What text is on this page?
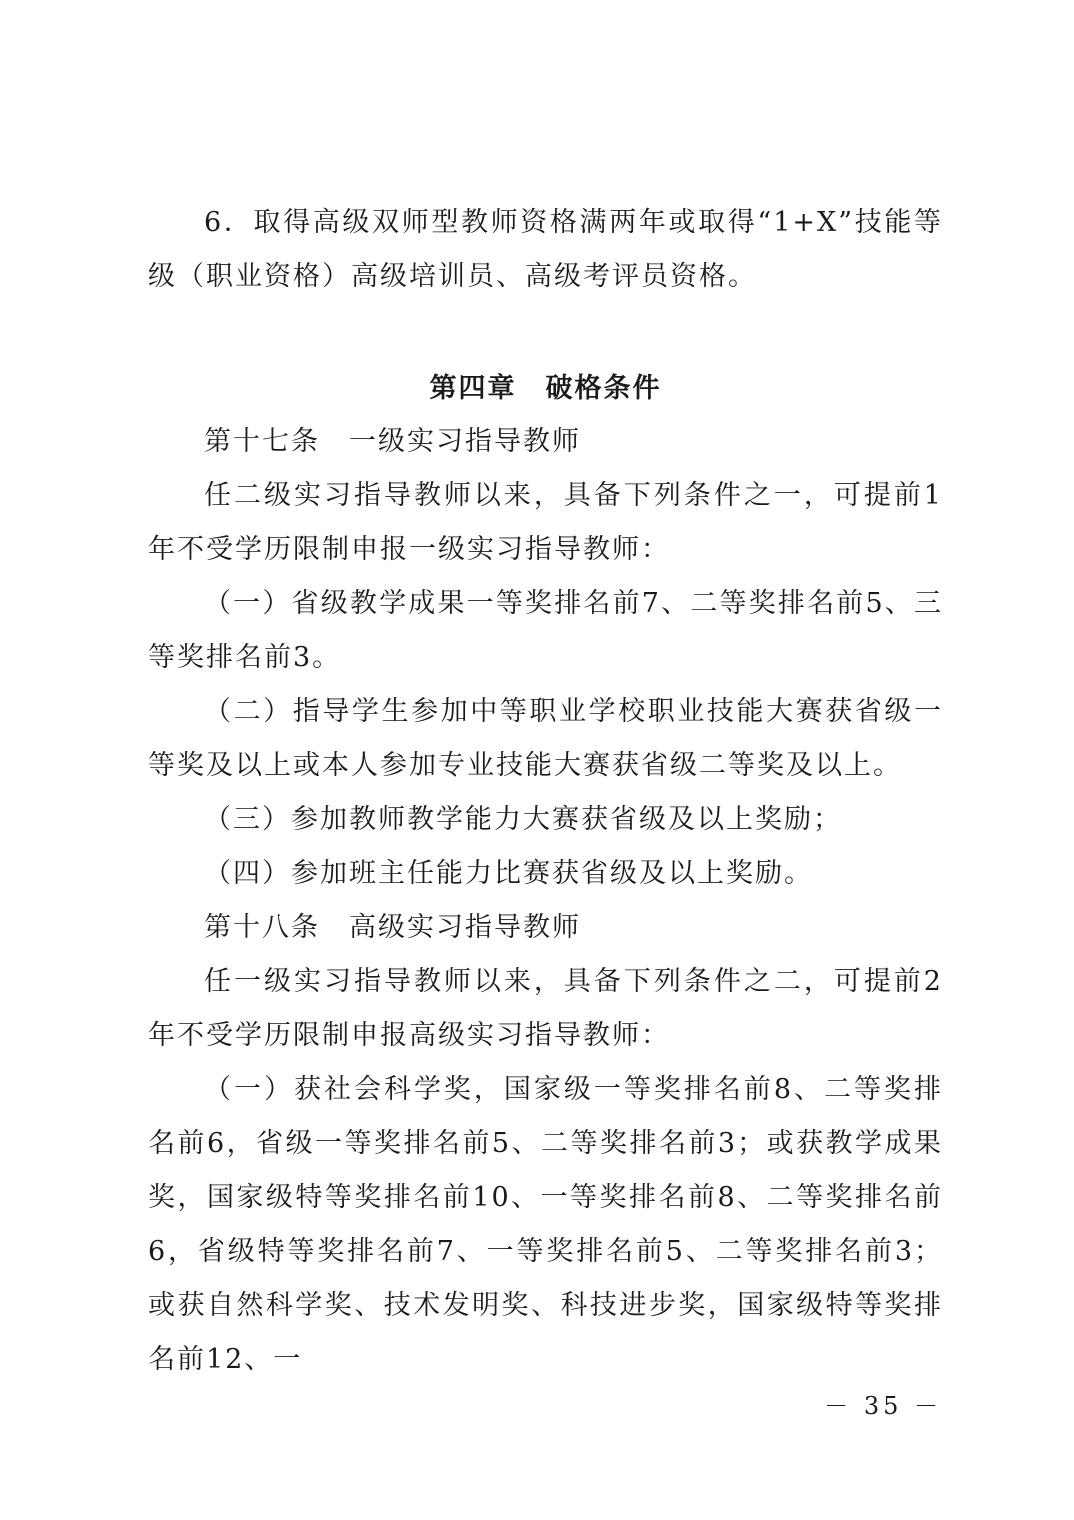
6．取得高级双师型教师资格满两年或取得“1+X”技能等级（职业资格）高级培训员、高级考评员资格。

第四章　破格条件

第十七条　一级实习指导教师

任二级实习指导教师以来，具备下列条件之一，可提前1年不受学历限制申报一级实习指导教师：

（一）省级教学成果一等奖排名前7、二等奖排名前5、三等奖排名前3。

（二）指导学生参加中等职业学校职业技能大赛获省级一等奖及以上或本人参加专业技能大赛获省级二等奖及以上。

（三）参加教师教学能力大赛获省级及以上奖励；

（四）参加班主任能力比赛获省级及以上奖励。

第十八条　高级实习指导教师

任一级实习指导教师以来，具备下列条件之二，可提前2年不受学历限制申报高级实习指导教师：

（一）获社会科学奖，国家级一等奖排名前8、二等奖排名前6，省级一等奖排名前5、二等奖排名前3；或获教学成果奖，国家级特等奖排名前10、一等奖排名前8、二等奖排名前6，省级特等奖排名前7、一等奖排名前5、二等奖排名前3；或获自然科学奖、技术发明奖、科技进步奖，国家级特等奖排名前12、一

－ 35 －
